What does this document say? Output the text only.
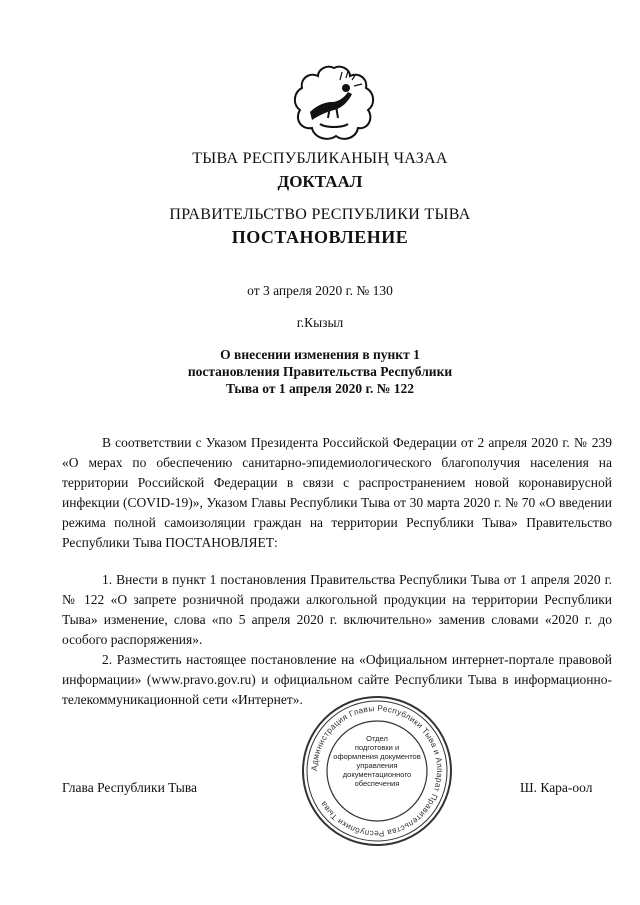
ТЫВА РЕСПУБЛИКАНЫҢ ЧАЗАА
ДОКТААЛ
ПРАВИТЕЛЬСТВО РЕСПУБЛИКИ ТЫВА
ПОСТАНОВЛЕНИЕ
от 3 апреля 2020 г. № 130
г.Кызыл
О внесении изменения в пункт 1
постановления Правительства Республики
Тыва от 1 апреля 2020 г. № 122
В соответствии с Указом Президента Российской Федерации от 2 апреля 2020 г. № 239 «О мерах по обеспечению санитарно-эпидемиологического благополучия населения на территории Российской Федерации в связи с распространением новой коронавирусной инфекции (COVID-19)», Указом Главы Республики Тыва от 30 марта 2020 г. № 70 «О введении режима полной самоизоляции граждан на территории Республики Тыва» Правительство Республики Тыва ПОСТАНОВЛЯЕТ:
1. Внести в пункт 1 постановления Правительства Республики Тыва от 1 апреля 2020 г. № 122 «О запрете розничной продажи алкогольной продукции на территории Республики Тыва» изменение, слова «по 5 апреля 2020 г. включительно» заменив словами «2020 г. до особого распоряжения».
2. Разместить настоящее постановление на «Официальном интернет-портале правовой информации» (www.pravo.gov.ru) и официальном сайте Республики Тыва в информационно-телекоммуникационной сети «Интернет».
Глава Республики Тыва	Ш. Кара-оол
Администрация Главы Республики Тыва и Аппарат Правительства Республики Тыва
Отдел
подготовки и
оформления документов
управления
документационного
обеспечения
